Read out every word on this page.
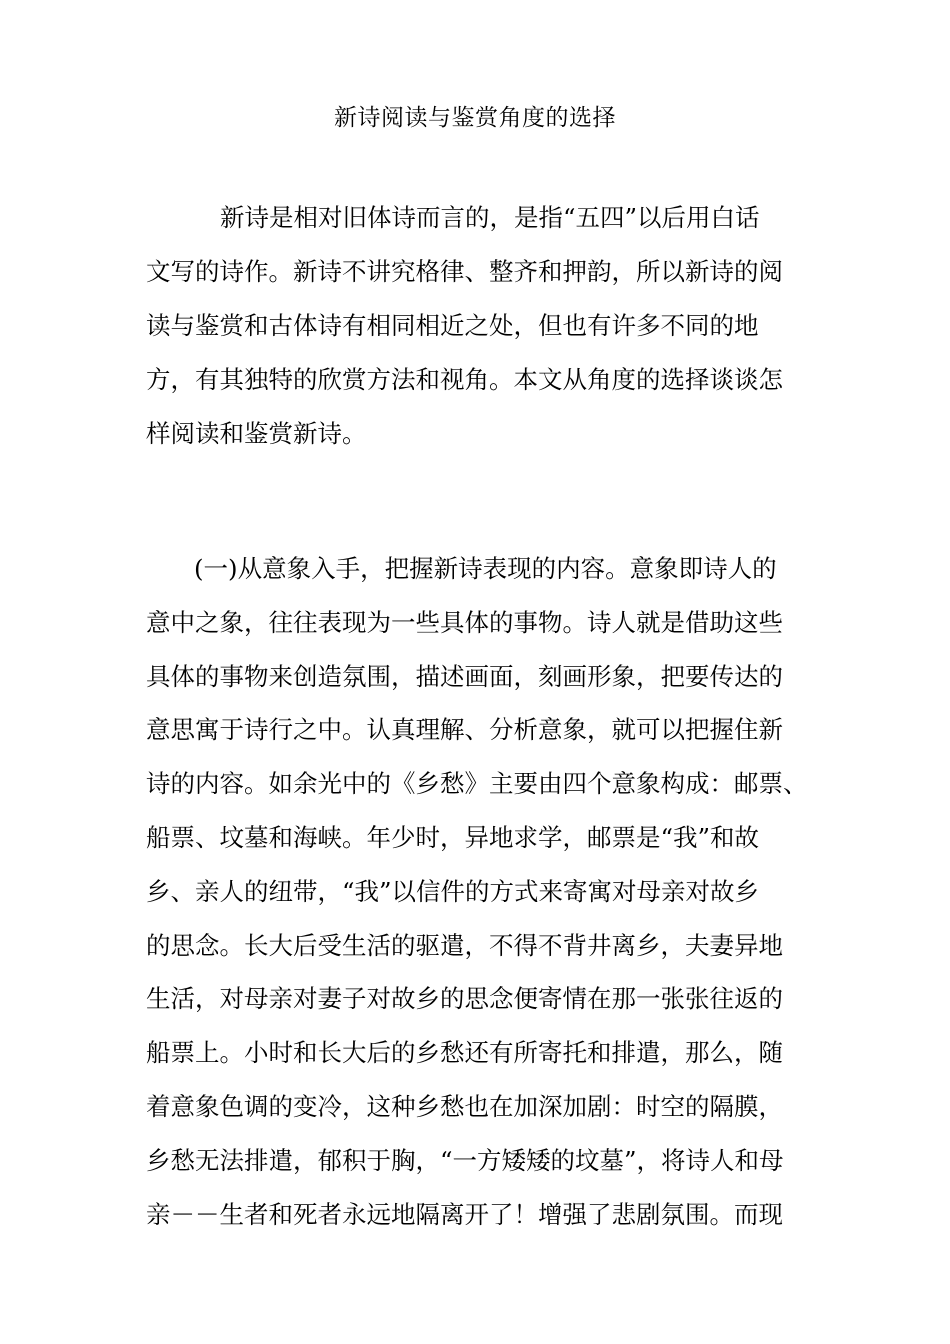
新诗阅读与鉴赏角度的选择
新诗是相对旧体诗而言的，是指“五四”以后用白话
文写的诗作。新诗不讲究格律、整齐和押韵，所以新诗的阅
读与鉴赏和古体诗有相同相近之处，但也有许多不同的地
方，有其独特的欣赏方法和视角。本文从角度的选择谈谈怎
样阅读和鉴赏新诗。
(一)从意象入手，把握新诗表现的内容。意象即诗人的
意中之象，往往表现为一些具体的事物。诗人就是借助这些
具体的事物来创造氛围，描述画面，刻画形象，把要传达的
意思寓于诗行之中。认真理解、分析意象，就可以把握住新
诗的内容。如余光中的《乡愁》主要由四个意象构成：邮票、
船票、坟墓和海峡。年少时，异地求学，邮票是“我”和故
乡、亲人的纽带，“我”以信件的方式来寄寓对母亲对故乡
的思念。长大后受生活的驱遣，不得不背井离乡，夫妻异地
生活，对母亲对妻子对故乡的思念便寄情在那一张张往返的
船票上。小时和长大后的乡愁还有所寄托和排遣，那么，随
着意象色调的变冷，这种乡愁也在加深加剧：时空的隔膜，
乡愁无法排遣，郁积于胸，“一方矮矮的坟墓”，将诗人和母
亲－－生者和死者永远地隔离开了！增强了悲剧氛围。而现
